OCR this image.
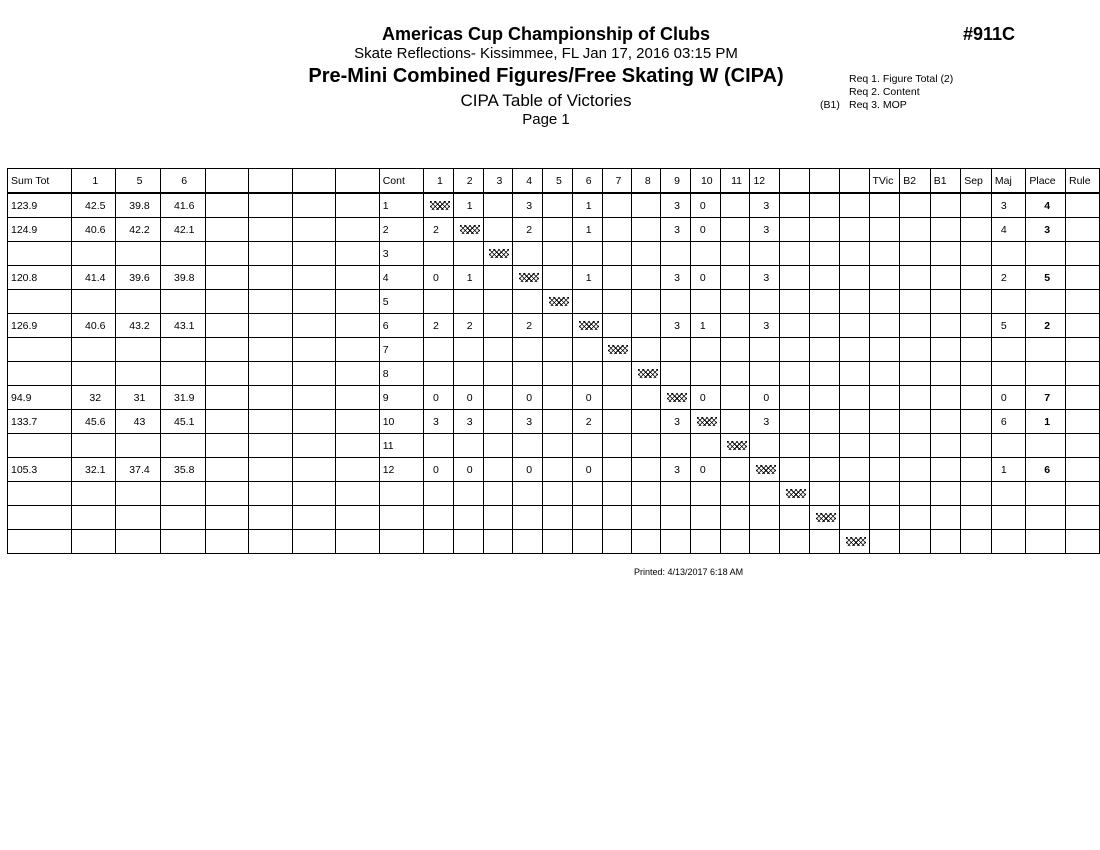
Americas Cup Championship of Clubs
Skate Reflections- Kissimmee, FL Jan 17, 2016 03:15 PM
Pre-Mini Combined Figures/Free Skating W (CIPA)
CIPA Table of Victories
Page 1
#911C
Req 1. Figure Total (2)
Req 2. Content
(B1) Req 3. MOP
Sum Tot	1	5	6					Cont	1	2	3	4	5	6	7	8	9	10	11	12				TVic	B2	B1	Sep	Maj	Place	Rule
123.9	42.5	39.8	41.6					1		1		3		1			3	0		3								3	4	
124.9	40.6	42.2	42.1					2	2			2		1			3	0		3								4	3	
								3																						
120.8	41.4	39.6	39.8					4	0	1				1			3	0		3								2	5	
								5																						
126.9	40.6	43.2	43.1					6	2	2		2					3	1		3								5	2	
								7																						
								8																						
94.9	32	31	31.9					9	0	0		0		0				0		0								0	7	
133.7	45.6	43	45.1					10	3	3		3		2			3			3								6	1	
								11																						
105.3	32.1	37.4	35.8					12	0	0		0		0			3	0										1	6	

Printed: 4/13/2017 6:18 AM
